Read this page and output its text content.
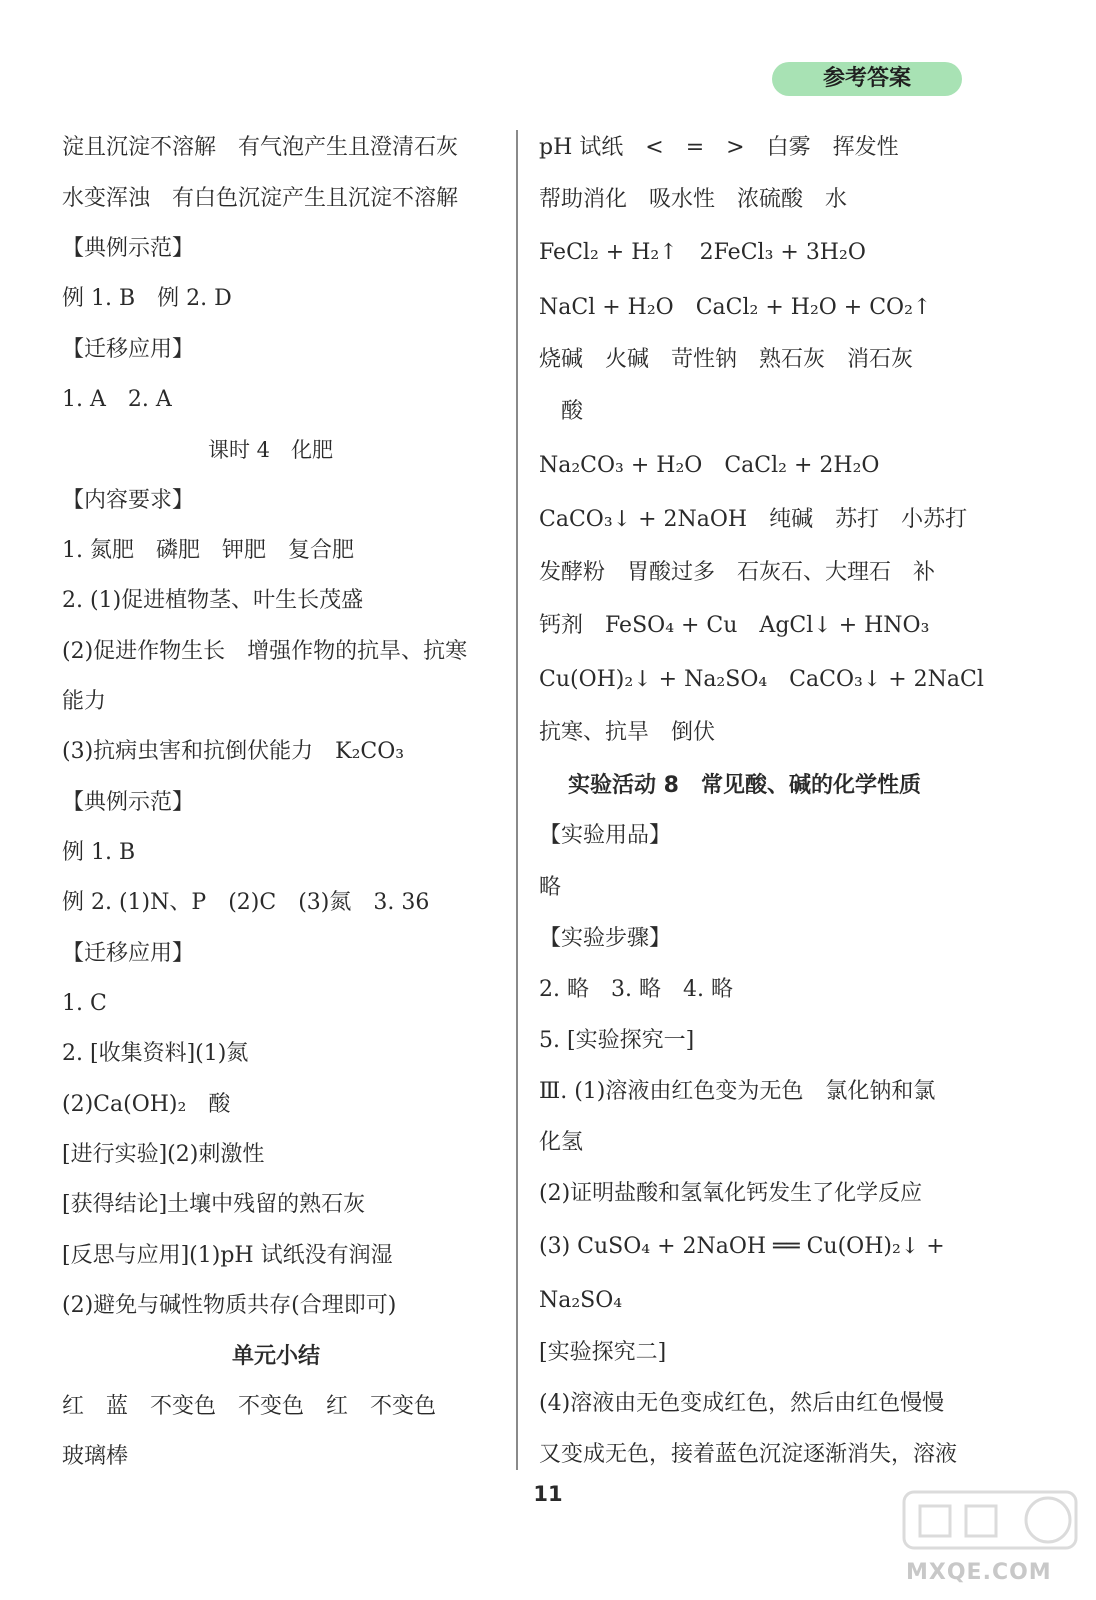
参考答案
淀且沉淀不溶解　有气泡产生且澄清石灰
水变浑浊　有白色沉淀产生且沉淀不溶解
【典例示范】
例 1. B　例 2. D
【迁移应用】
1. A　2. A
课时 4　化肥
【内容要求】
1. 氮肥　磷肥　钾肥　复合肥
2. (1)促进植物茎、叶生长茂盛
(2)促进作物生长　增强作物的抗旱、抗寒
能力
(3)抗病虫害和抗倒伏能力　K₂CO₃
【典例示范】
例 1. B
例 2. (1)N、P　(2)C　(3)氮　3. 36
【迁移应用】
1. C
2. [收集资料](1)氮
(2)Ca(OH)₂　酸
[进行实验](2)刺激性
[获得结论]土壤中残留的熟石灰
[反思与应用](1)pH 试纸没有润湿
(2)避免与碱性物质共存(合理即可)
单元小结
红　蓝　不变色　不变色　红　不变色
玻璃棒
pH 试纸　<　=　>　白雾　挥发性
帮助消化　吸水性　浓硫酸　水
FeCl₂ + H₂↑　2FeCl₃ + 3H₂O
NaCl + H₂O　CaCl₂ + H₂O + CO₂↑
烧碱　火碱　苛性钠　熟石灰　消石灰
酸
Na₂CO₃ + H₂O　CaCl₂ + 2H₂O
CaCO₃↓ + 2NaOH　纯碱　苏打　小苏打
发酵粉　胃酸过多　石灰石、大理石　补
钙剂　FeSO₄ + Cu　AgCl↓ + HNO₃
Cu(OH)₂↓ + Na₂SO₄　CaCO₃↓ + 2NaCl
抗寒、抗旱　倒伏
实验活动 8　常见酸、碱的化学性质
【实验用品】
略
【实验步骤】
2. 略　3. 略　4. 略
5. [实验探究一]
Ⅲ. (1)溶液由红色变为无色　氯化钠和氯
化氢
(2)证明盐酸和氢氧化钙发生了化学反应
(3) CuSO₄ + 2NaOH ══ Cu(OH)₂↓ +
Na₂SO₄
[实验探究二]
(4)溶液由无色变成红色，然后由红色慢慢
又变成无色，接着蓝色沉淀逐渐消失，溶液
11
MXQE.COM
